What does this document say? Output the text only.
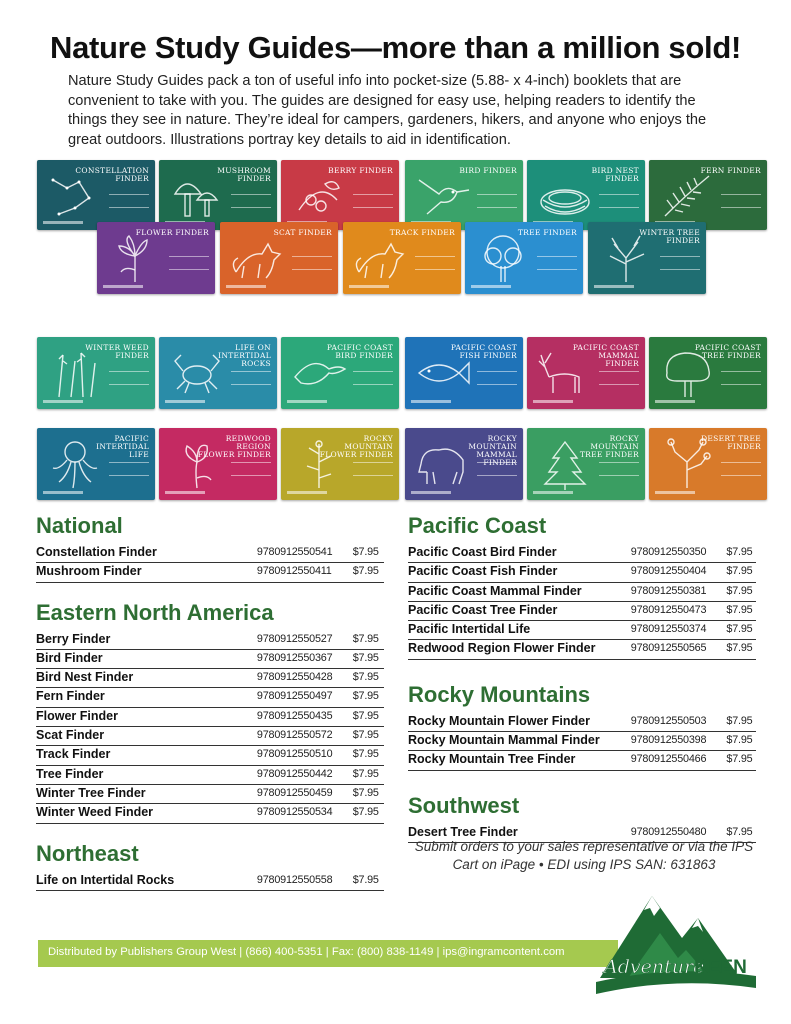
Nature Study Guides—more than a million sold!
Nature Study Guides pack a ton of useful info into pocket-size (5.88- x 4-inch) booklets that are convenient to take with you. The guides are designed for easy use, helping readers to identify the things they see in nature. They’re ideal for campers, gardeners, hikers, and anyone who enjoys the great outdoors. Illustrations portray key details to aid in identification.
CONSTELLATION FINDER
MUSHROOM FINDER
BERRY FINDER	BIRD FINDER	BIRD NEST FINDER
FERN FINDER
FLOWER FINDER	SCAT FINDER	TRACK FINDER	TREE FINDER	WINTER TREE FINDER
WINTER WEED FINDER
LIFE ON INTERTIDAL ROCKS
PACIFIC COAST BIRD FINDER
PACIFIC COAST FISH FINDER
PACIFIC COAST MAMMAL FINDER
PACIFIC COAST TREE FINDER
PACIFIC INTERTIDAL LIFE
REDWOOD REGION FLOWER FINDER
ROCKY MOUNTAIN FLOWER FINDER
ROCKY MOUNTAIN MAMMAL FINDER
ROCKY MOUNTAIN TREE FINDER
DESERT TREE FINDER
National
Constellation Finder	9780912550541	$7.95
Mushroom Finder	9780912550411	$7.95
Eastern North America
Berry Finder	9780912550527	$7.95
Bird Finder	9780912550367	$7.95
Bird Nest Finder	9780912550428	$7.95
Fern Finder	9780912550497	$7.95
Flower Finder	9780912550435	$7.95
Scat Finder	9780912550572	$7.95
Track Finder	9780912550510	$7.95
Tree Finder	9780912550442	$7.95
Winter Tree Finder	9780912550459	$7.95
Winter Weed Finder	9780912550534	$7.95
Northeast
Life on Intertidal Rocks	9780912550558	$7.95
Pacific Coast
Pacific Coast Bird Finder	9780912550350	$7.95
Pacific Coast Fish Finder	9780912550404	$7.95
Pacific Coast Mammal Finder	9780912550381	$7.95
Pacific Coast Tree Finder	9780912550473	$7.95
Pacific Intertidal Life	9780912550374	$7.95
Redwood Region Flower Finder	9780912550565	$7.95
Rocky Mountains
Rocky Mountain Flower Finder	9780912550503	$7.95
Rocky Mountain Mammal Finder	9780912550398	$7.95
Rocky Mountain Tree Finder	9780912550466	$7.95
Southwest
Desert Tree Finder	9780912550480	$7.95
Submit orders to your sales representative or via the IPS Cart on iPage • EDI using IPS SAN: 631863
Distributed by Publishers Group West | (866) 400-5351 | Fax: (800) 838-1149 | ips@ingramcontent.com
Adventure
KEEN
